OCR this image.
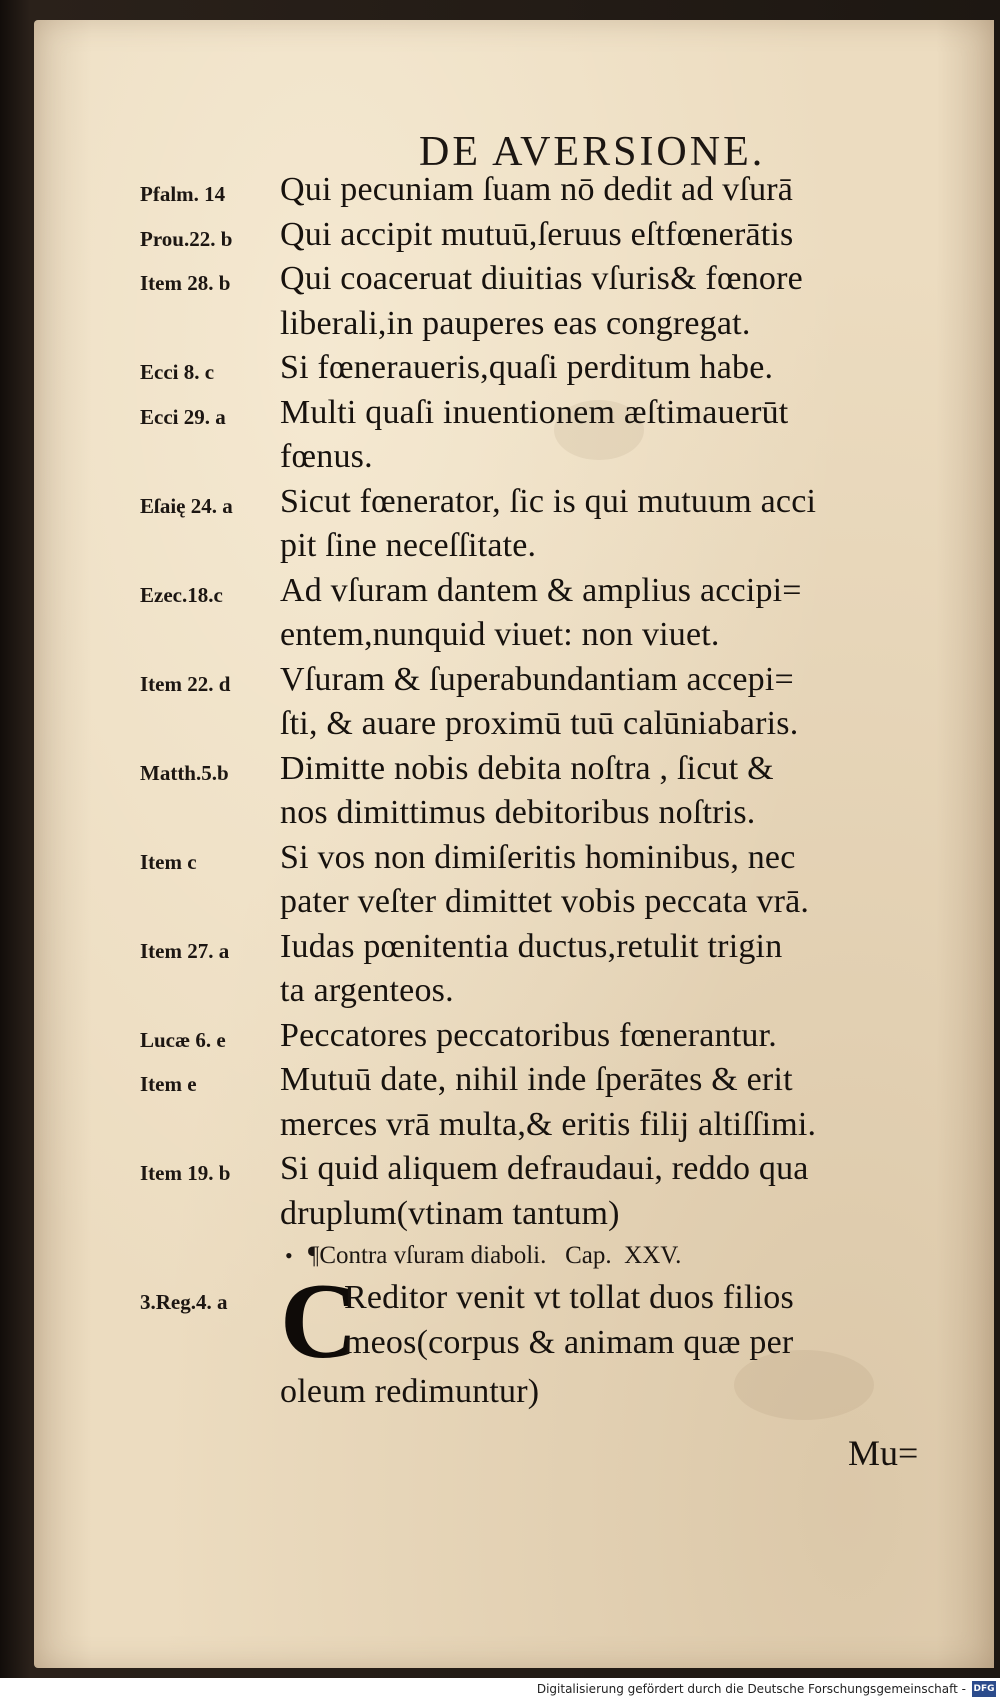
DE AVERSIONE.
Pfalm. 14	Qui pecuniam ſuam nō dedit ad vſurā
Prou.22. b	Qui accipit mutuū,ſeruus eſtfœnerātis
Item 28. b	Qui coaceruat diuitias vſuris& fœnore
liberali,in pauperes eas congregat.
Ecci 8. c	Si fœneraueris,quaſi perditum habe.
Ecci 29. a	Multi quaſi inuentionem æſtimauerūt
fœnus.
Eſaię 24. a	Sicut fœnerator, ſic is qui mutuum acci
pit ſine neceſſitate.
Ezec.18.c	Ad vſuram dantem & amplius accipi=
entem,nunquid viuet: non viuet.
Item 22. d	Vſuram & ſuperabundantiam accepi=
ſti, & auare proximū tuū calūniabaris.
Matth.5.b	Dimitte nobis debita noſtra , ſicut &
nos dimittimus debitoribus noſtris.
Item c	Si vos non dimiſeritis hominibus, nec
pater veſter dimittet vobis peccata vrā.
Item 27. a	Iudas pœnitentia ductus,retulit trigin
ta argenteos.
Lucæ 6. e	Peccatores peccatoribus fœnerantur.
Item e	Mutuū date, nihil inde ſperātes & erit
merces vrā multa,& eritis filij altiſſimi.
Item 19. b	Si quid aliquem defraudaui, reddo qua
druplum(vtinam tantum)
• ¶Contra vſuram diaboli.   Cap.  XXV.
3.Reg.4. a C
Reditor venit vt tollat duos filios
meos(corpus & animam quæ per
oleum redimuntur)
Mu=
Digitalisierung gefördert durch die Deutsche Forschungsgemeinschaft - DFG
